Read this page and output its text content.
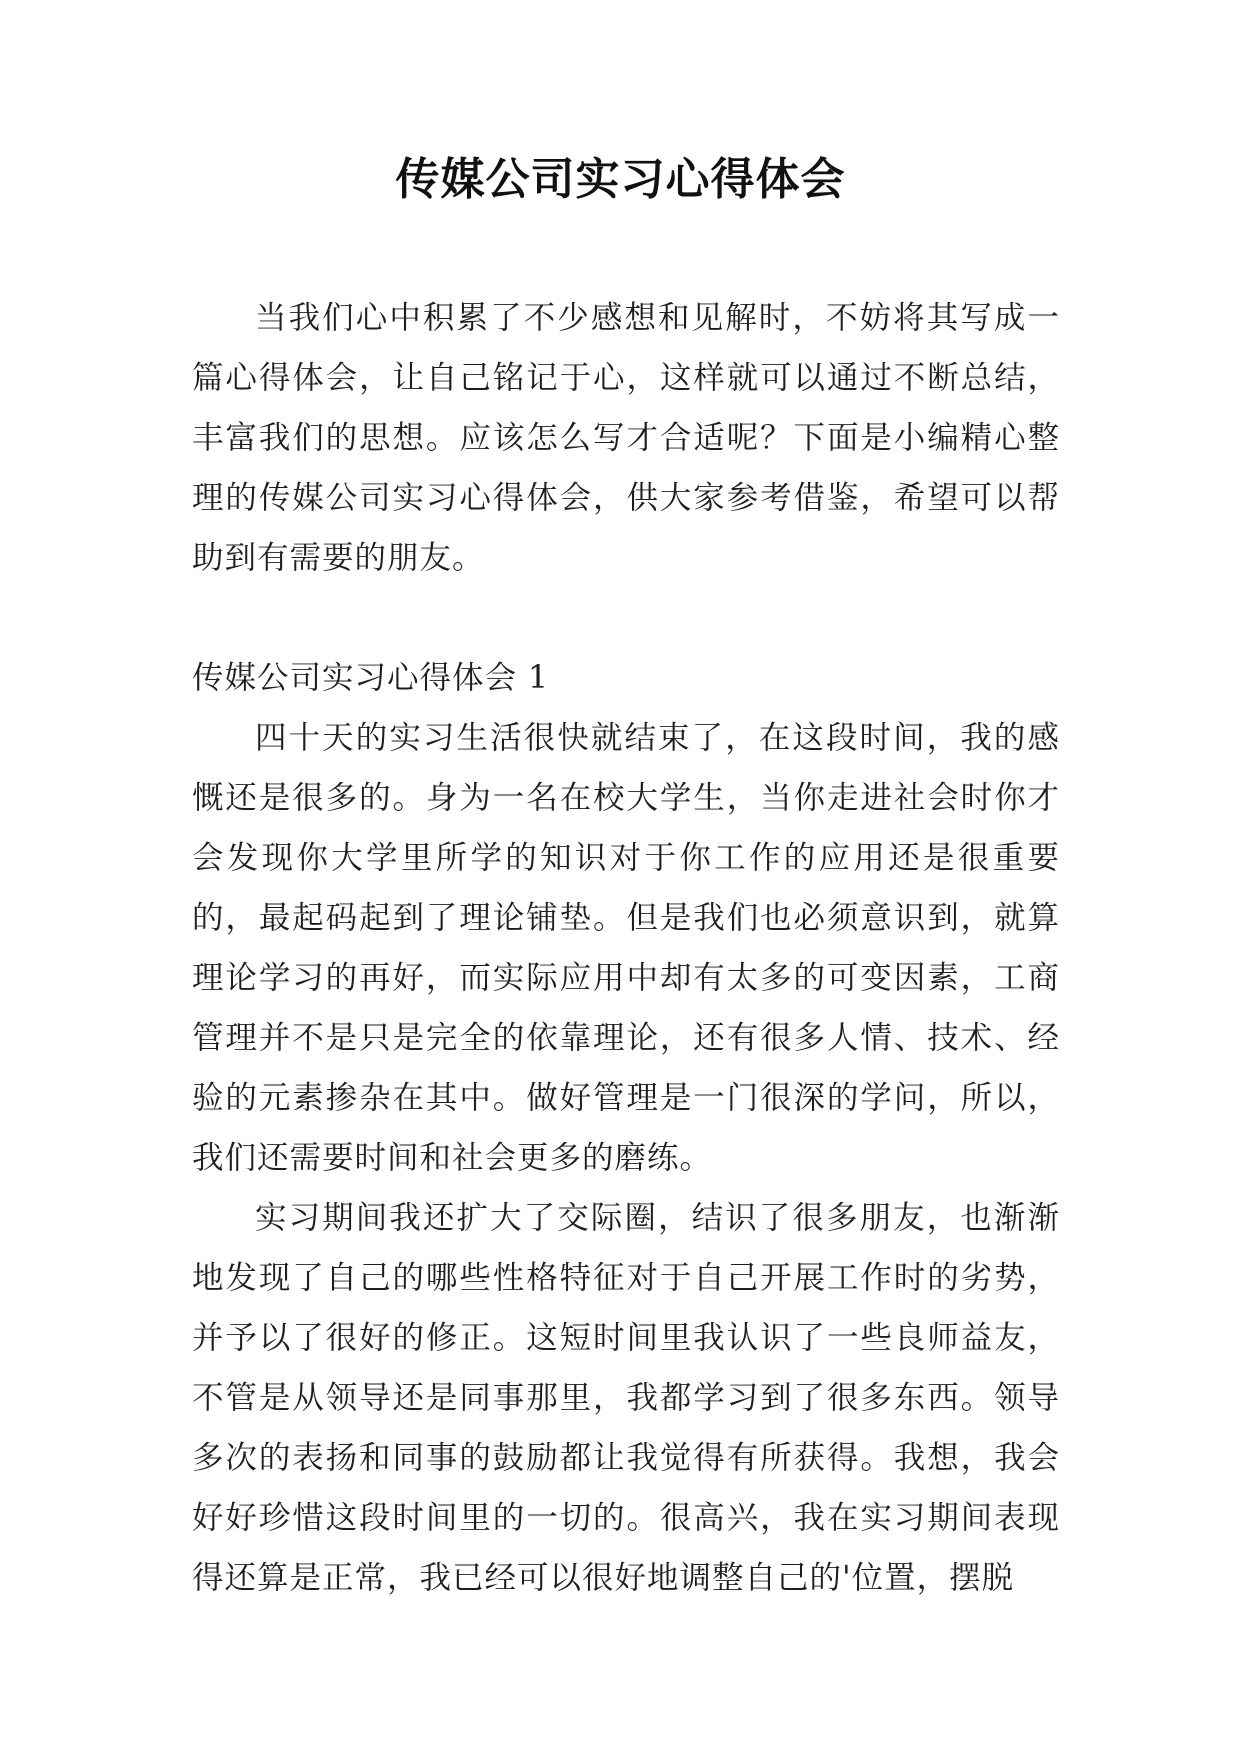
传媒公司实习心得体会

当我们心中积累了不少感想和见解时，不妨将其写成一篇心得体会，让自己铭记于心，这样就可以通过不断总结，丰富我们的思想。应该怎么写才合适呢？下面是小编精心整理的传媒公司实习心得体会，供大家参考借鉴，希望可以帮助到有需要的朋友。

传媒公司实习心得体会 1

四十天的实习生活很快就结束了，在这段时间，我的感慨还是很多的。身为一名在校大学生，当你走进社会时你才会发现你大学里所学的知识对于你工作的应用还是很重要的，最起码起到了理论铺垫。但是我们也必须意识到，就算理论学习的再好，而实际应用中却有太多的可变因素，工商管理并不是只是完全的依靠理论，还有很多人情、技术、经验的元素掺杂在其中。做好管理是一门很深的学问，所以，我们还需要时间和社会更多的磨练。

实习期间我还扩大了交际圈，结识了很多朋友，也渐渐地发现了自己的哪些性格特征对于自己开展工作时的劣势，并予以了很好的修正。这短时间里我认识了一些良师益友，不管是从领导还是同事那里，我都学习到了很多东西。领导多次的表扬和同事的鼓励都让我觉得有所获得。我想，我会好好珍惜这段时间里的一切的。很高兴，我在实习期间表现得还算是正常，我已经可以很好地调整自己的'位置，摆脱
